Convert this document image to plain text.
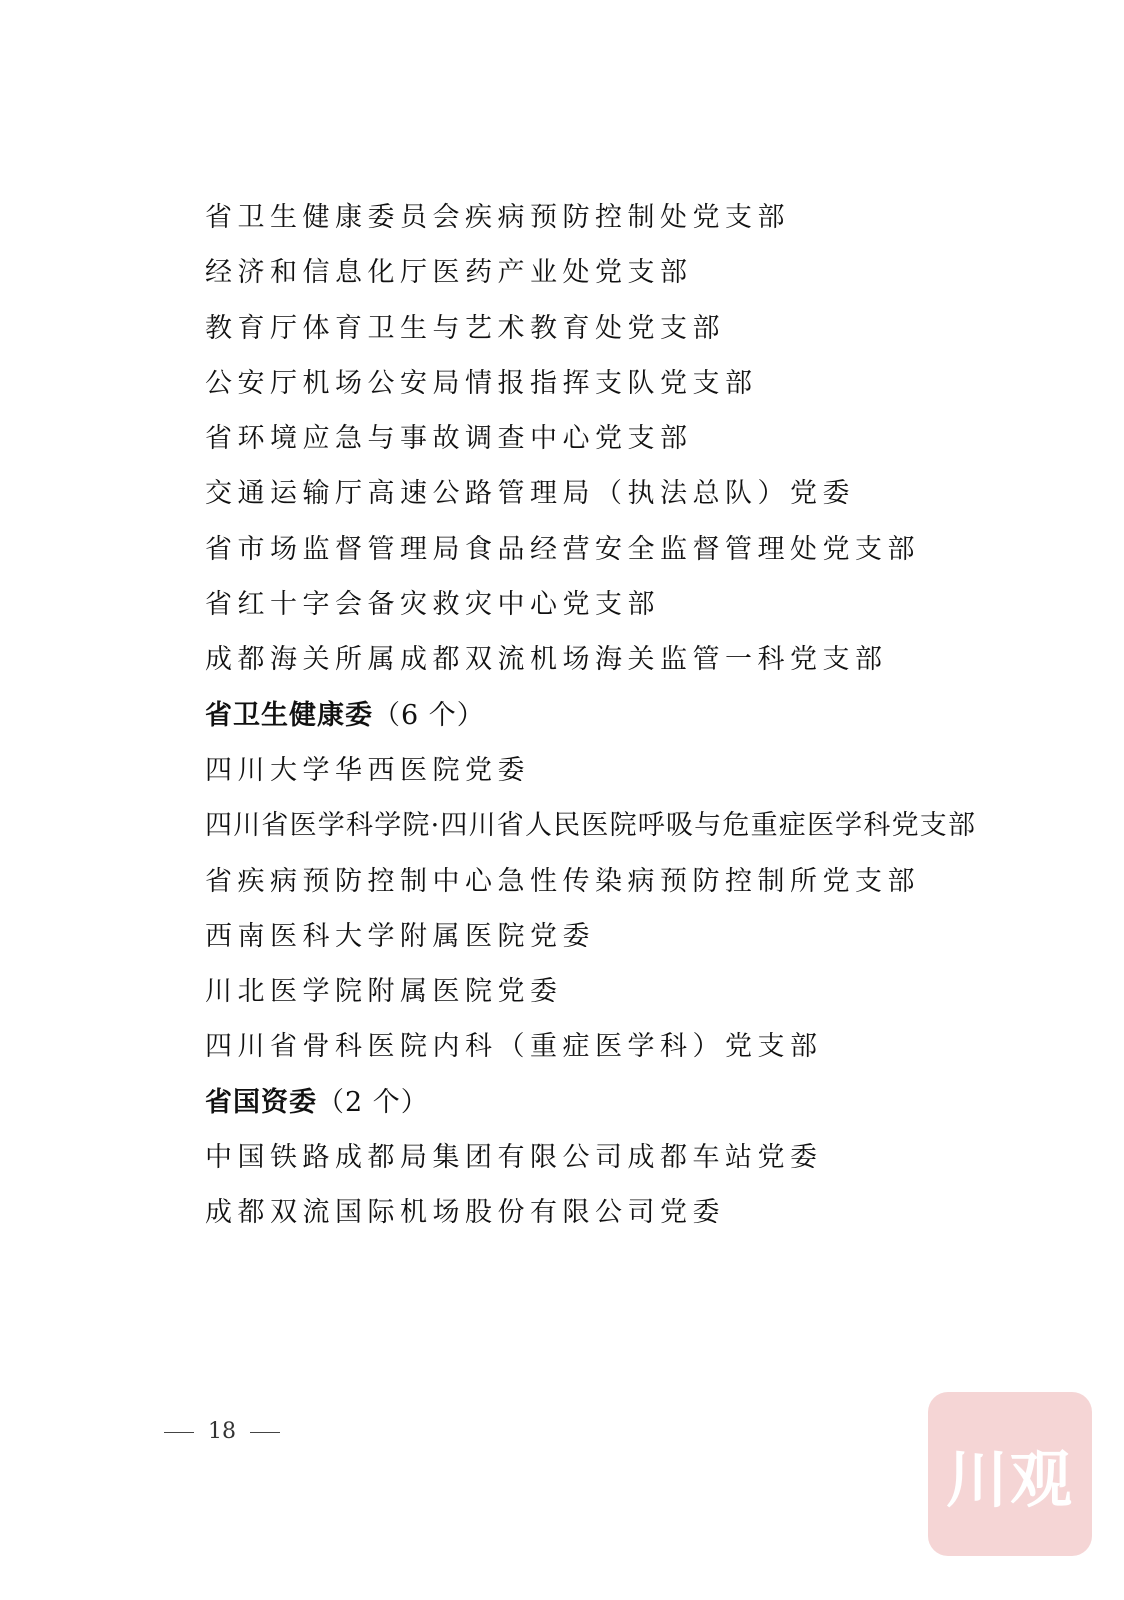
省卫生健康委员会疾病预防控制处党支部
经济和信息化厅医药产业处党支部
教育厅体育卫生与艺术教育处党支部
公安厅机场公安局情报指挥支队党支部
省环境应急与事故调查中心党支部
交通运输厅高速公路管理局（执法总队）党委
省市场监督管理局食品经营安全监督管理处党支部
省红十字会备灾救灾中心党支部
成都海关所属成都双流机场海关监管一科党支部
省卫生健康委（6 个）
四川大学华西医院党委
四川省医学科学院·四川省人民医院呼吸与危重症医学科党支部
省疾病预防控制中心急性传染病预防控制所党支部
西南医科大学附属医院党委
川北医学院附属医院党委
四川省骨科医院内科（重症医学科）党支部
省国资委（2 个）
中国铁路成都局集团有限公司成都车站党委
成都双流国际机场股份有限公司党委
18
川观
